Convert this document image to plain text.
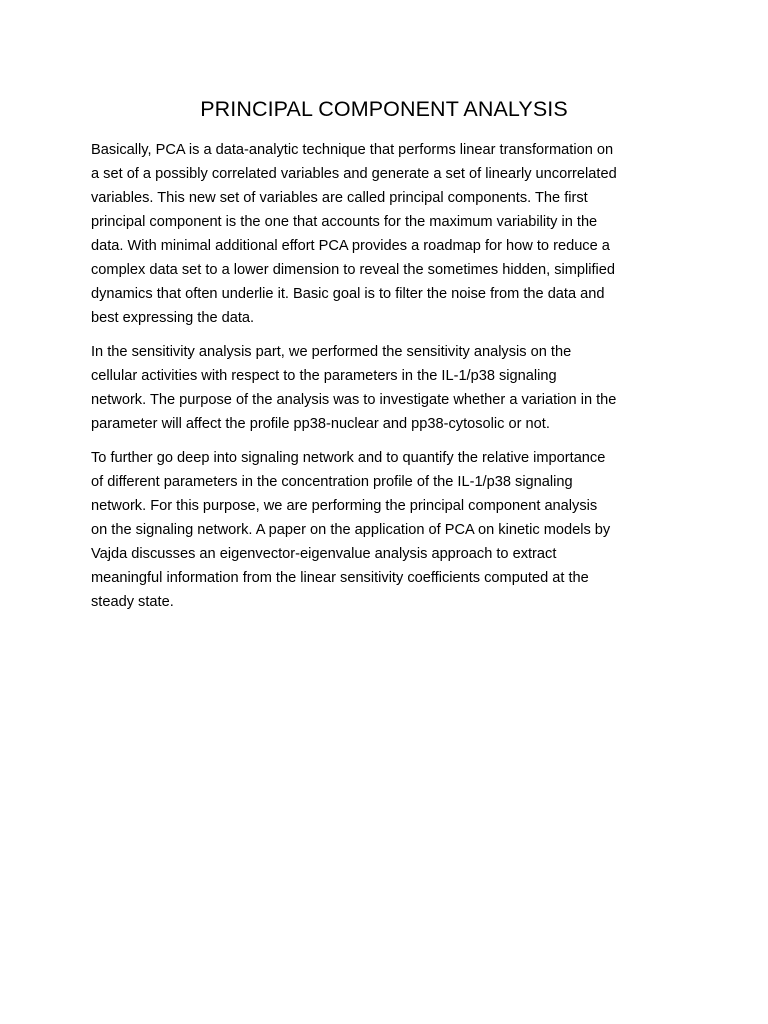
PRINCIPAL COMPONENT ANALYSIS

Basically, PCA is a data-analytic technique that performs linear transformation on
a set of a possibly correlated variables and generate a set of linearly uncorrelated
variables. This new set of variables are called principal components. The first
principal component is the one that accounts for the maximum variability in the
data. With minimal additional effort PCA provides a roadmap for how to reduce a
complex data set to a lower dimension to reveal the sometimes hidden, simplified
dynamics that often underlie it. Basic goal is to filter the noise from the data and
best expressing the data.

In the sensitivity analysis part, we performed the sensitivity analysis on the
cellular activities with respect to the parameters in the IL-1/p38 signaling
network. The purpose of the analysis was to investigate whether a variation in the
parameter will affect the profile pp38-nuclear and pp38-cytosolic or not.

To further go deep into signaling network and to quantify the relative importance
of different parameters in the concentration profile of the IL-1/p38 signaling
network. For this purpose, we are performing the principal component analysis
on the signaling network. A paper on the application of PCA on kinetic models by
Vajda discusses an eigenvector-eigenvalue analysis approach to extract
meaningful information from the linear sensitivity coefficients computed at the
steady state.
